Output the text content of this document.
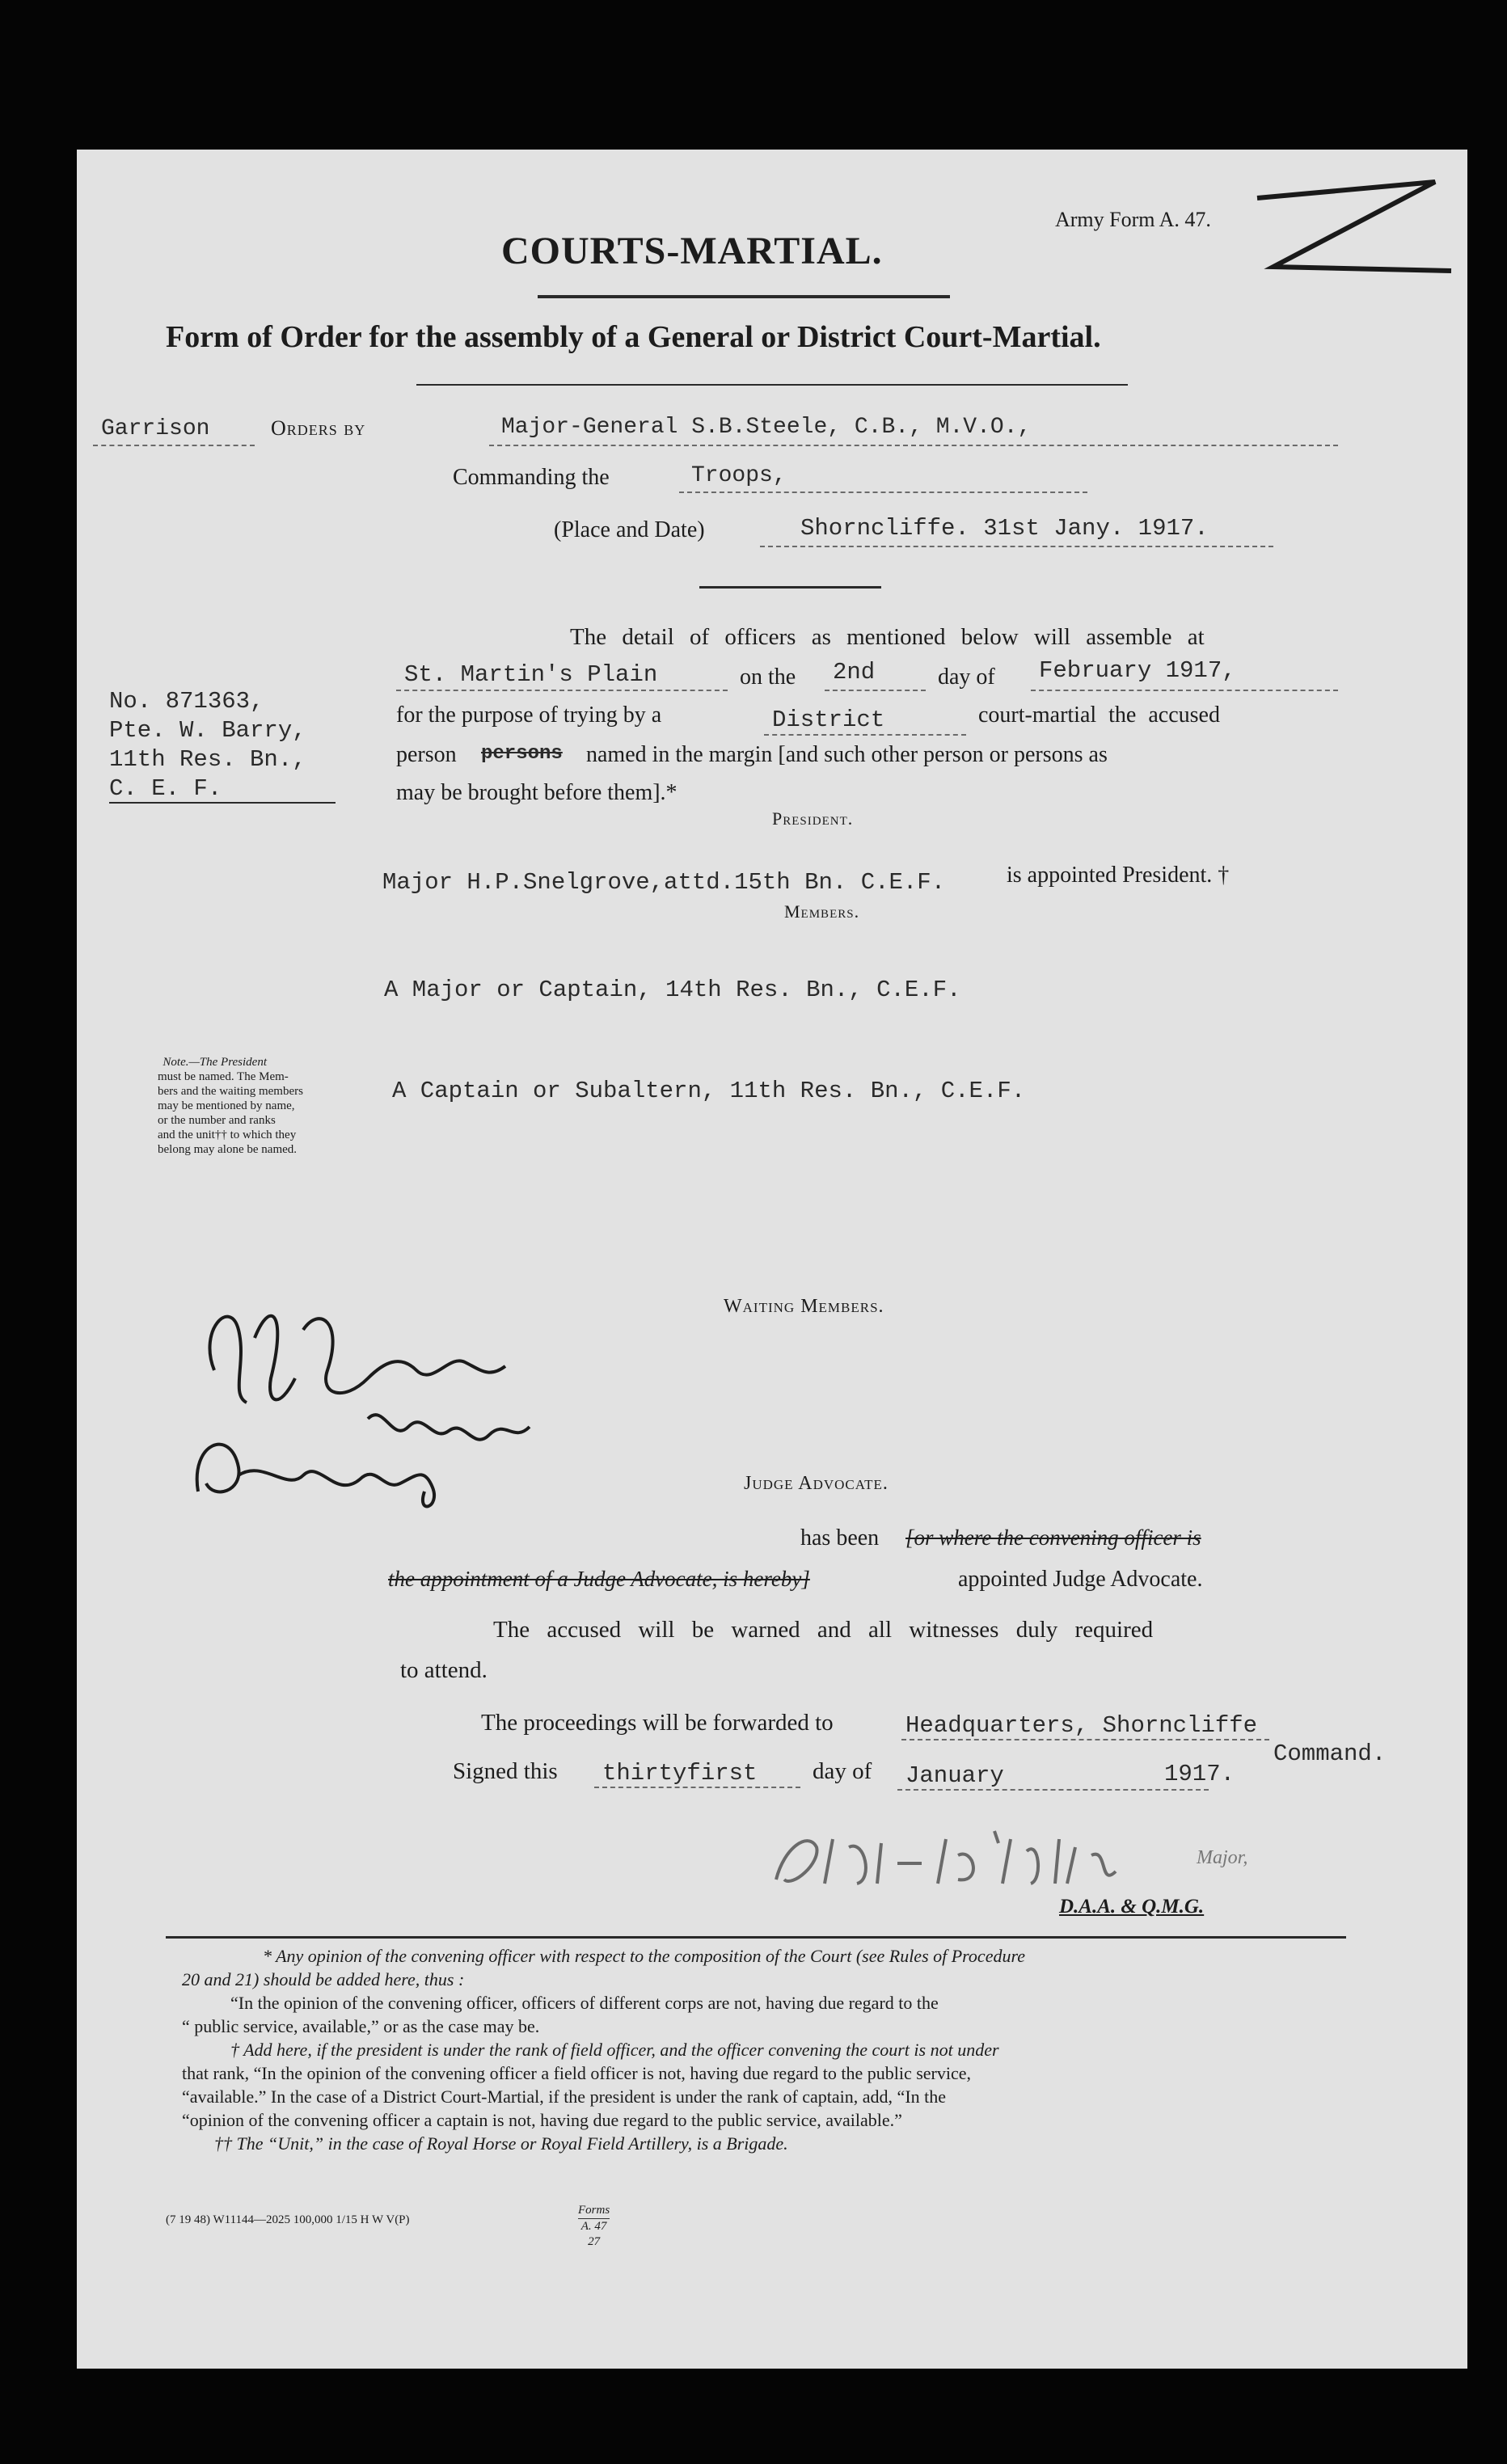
Army Form A. 47.
COURTS-MARTIAL.
Form of Order for the assembly of a General or District Court-Martial.
Garrison	Orders by	Major-General S.B.Steele, C.B., M.V.O.,
Commanding the	Troops,
(Place and Date)	Shorncliffe. 31st Jany. 1917.
No. 871363,
Pte. W. Barry,
11th Res. Bn.,
C. E. F.
The detail of officers as mentioned below will assemble at
St. Martin's Plain	on the 2nd	day of February 1917,
for the purpose of trying by a	District	court-martial the accused
person persons named in the margin [and such other person or persons as
may be brought before them].*
President.
Major H.P.Snelgrove,attd.15th Bn. C.E.F.	is appointed President. †
Members.
A Major or Captain, 14th Res. Bn., C.E.F.
A Captain or Subaltern, 11th Res. Bn., C.E.F.
Note.—The President
must be named. The Mem-
bers and the waiting members
may be mentioned by name,
or the number and ranks
and the unit†† to which they
belong may alone be named.
Waiting Members.
Judge Advocate.
has been [or where the convening officer is
the appointment of a Judge Advocate, is hereby]	appointed Judge Advocate.
The accused will be warned and all witnesses duly required
to attend.
The proceedings will be forwarded to	Headquarters, Shorncliffe
Command.
Signed this thirtyfirst day of January	1917.
Major,
D.A.A. & Q.M.G.
* Any opinion of the convening officer with respect to the composition of the Court (see Rules of Procedure
20 and 21) should be added here, thus :
“In the opinion of the convening officer, officers of different corps are not, having due regard to the
“ public service, available,” or as the case may be.
† Add here, if the president is under the rank of field officer, and the officer convening the court is not under
that rank, “In the opinion of the convening officer a field officer is not, having due regard to the public service,
“available.” In the case of a District Court-Martial, if the president is under the rank of captain, add, “In the
“opinion of the convening officer a captain is not, having due regard to the public service, available.”
†† The “Unit,” in the case of Royal Horse or Royal Field Artillery, is a Brigade.
(7 19 48) W11144—2025 100,000 1/15 H W V(P)
Forms
A. 47
27
